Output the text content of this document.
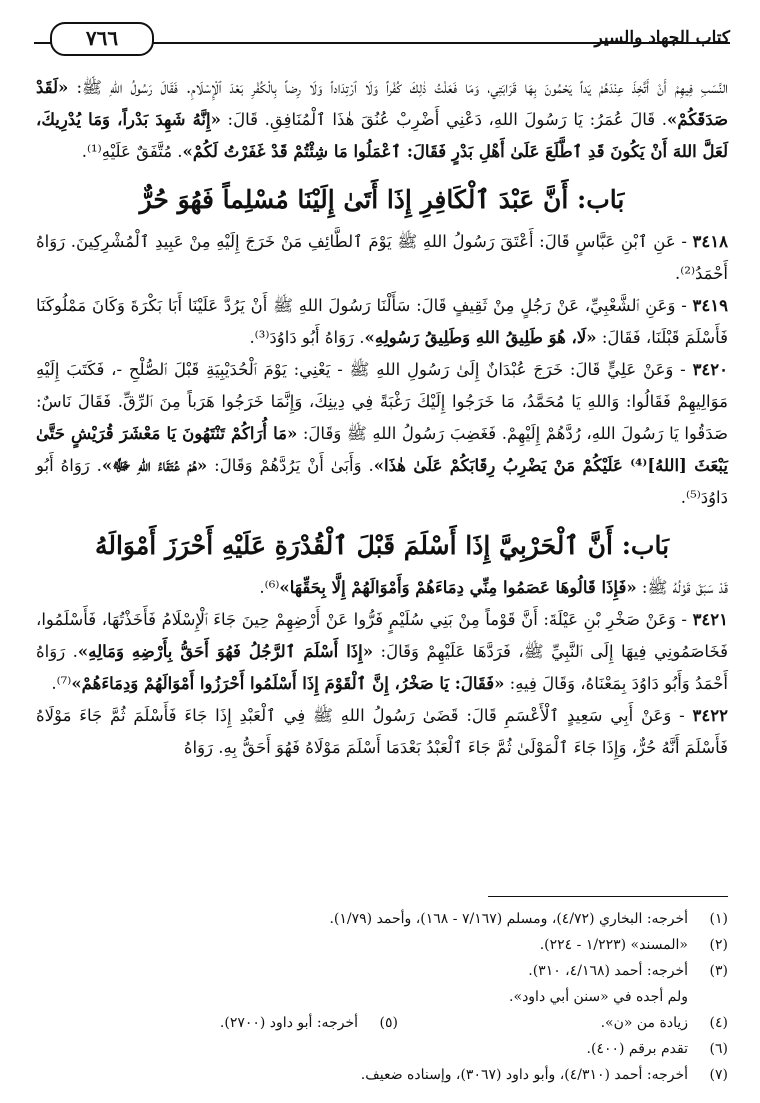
كتاب الجهاد والسير
٧٦٦

النَّسَبِ فِيهِمْ أَنْ أَتَّخِذَ عِنْدَهُمْ يَداً يَحْمُونَ بِهَا قَرَابَتِي، وَمَا فَعَلْتُ ذٰلِكَ كُفْراً وَلَا ٱرْتِدَاداً وَلَا رِضاً بِالْكُفْرِ بَعْدَ ٱلْإِسْلَامِ. فَقَالَ رَسُولُ اللهِ ﷺ: «لَقَدْ صَدَقَكُمْ». قَالَ عُمَرُ: يَا رَسُولَ اللهِ، دَعْنِي أَضْرِبْ عُنُقَ هٰذَا ٱلْمُنَافِقِ. قَالَ: «إِنَّهُ شَهِدَ بَدْراً، وَمَا يُدْرِيكَ، لَعَلَّ اللهَ أَنْ يَكُونَ قَدِ ٱطَّلَعَ عَلَىٰ أَهْلِ بَدْرٍ فَقَالَ: ٱعْمَلُوا مَا شِئْتُمْ قَدْ غَفَرْتُ لَكُمْ». مُتَّفَقٌ عَلَيْهِ⁽¹⁾.

بَاب: أَنَّ عَبْدَ ٱلْكَافِرِ إِذَا أَتَىٰ إِلَيْنَا مُسْلِماً فَهُوَ حُرٌّ

٣٤١٨ - عَنِ ٱبْنِ عَبَّاسٍ قَالَ: أَعْتَقَ رَسُولُ اللهِ ﷺ يَوْمَ ٱلطَّائِفِ مَنْ خَرَجَ إِلَيْهِ مِنْ عَبِيدِ ٱلْمُشْرِكِينَ. رَوَاهُ أَحْمَدُ⁽²⁾.

٣٤١٩ - وَعَنِ ٱلشَّعْبِيِّ، عَنْ رَجُلٍ مِنْ ثَقِيفٍ قَالَ: سَأَلْنَا رَسُولَ اللهِ ﷺ أَنْ يَرُدَّ عَلَيْنَا أَبَا بَكْرَةَ وَكَانَ مَمْلُوكَنَا فَأَسْلَمَ قَبْلَنَا، فَقَالَ: «لَا، هُوَ طَلِيقُ اللهِ وَطَلِيقُ رَسُولِهِ». رَوَاهُ أَبُو دَاوُدَ⁽³⁾.

٣٤٢٠ - وَعَنْ عَلِيٍّ قَالَ: خَرَجَ عُبْدَانٌ إِلَىٰ رَسُولِ اللهِ ﷺ - يَعْنِي: يَوْمَ ٱلْحُدَيْبِيَةِ قَبْلَ ٱلصُّلْحِ -، فَكَتَبَ إِلَيْهِ مَوَالِيهِمْ فَقَالُوا: وَاللهِ يَا مُحَمَّدُ، مَا خَرَجُوا إِلَيْكَ رَغْبَةً فِي دِينِكَ، وَإِنَّمَا خَرَجُوا هَرَباً مِنَ ٱلرِّقِّ. فَقَالَ نَاسٌ: صَدَقُوا يَا رَسُولَ اللهِ، رُدَّهُمْ إِلَيْهِمْ. فَغَضِبَ رَسُولُ اللهِ ﷺ وَقَالَ: «مَا أُرَاكُمْ تَنْتَهُونَ يَا مَعْشَرَ قُرَيْشٍ حَتَّىٰ يَبْعَثَ [اللهُ]⁽⁴⁾ عَلَيْكُمْ مَنْ يَضْرِبُ رِقَابَكُمْ عَلَىٰ هٰذَا». وَأَبَىٰ أَنْ يَرُدَّهُمْ وَقَالَ: «هُمْ عُتَقَاءُ اللهِ ﷻ». رَوَاهُ أَبُو دَاوُدَ⁽⁵⁾.

بَاب: أَنَّ ٱلْحَرْبِيَّ إِذَا أَسْلَمَ قَبْلَ ٱلْقُدْرَةِ عَلَيْهِ أَحْرَزَ أَمْوَالَهُ

قَدْ سَبَقَ قَوْلُهُ ﷺ: «فَإِذَا قَالُوهَا عَصَمُوا مِنِّي دِمَاءَهُمْ وَأَمْوَالَهُمْ إِلَّا بِحَقِّهَا»⁽⁶⁾.

٣٤٢١ - وَعَنْ صَخْرِ بْنِ عَيْلَةَ: أَنَّ قَوْماً مِنْ بَنِي سُلَيْمٍ فَرُّوا عَنْ أَرْضِهِمْ حِينَ جَاءَ ٱلْإِسْلَامُ فَأَخَذْتُهَا، فَأَسْلَمُوا، فَخَاصَمُونِي فِيهَا إِلَى ٱلنَّبِيِّ ﷺ، فَرَدَّهَا عَلَيْهِمْ وَقَالَ: «إِذَا أَسْلَمَ ٱلرَّجُلُ فَهُوَ أَحَقُّ بِأَرْضِهِ وَمَالِهِ». رَوَاهُ أَحْمَدُ وَأَبُو دَاوُدَ بِمَعْنَاهُ، وَقَالَ فِيهِ: «فَقَالَ: يَا صَخْرُ، إِنَّ ٱلْقَوْمَ إِذَا أَسْلَمُوا أَحْرَزُوا أَمْوَالَهُمْ وَدِمَاءَهُمْ»⁽⁷⁾.

٣٤٢٢ - وَعَنْ أَبِي سَعِيدٍ ٱلْأَعْسَمِ قَالَ: قَضَىٰ رَسُولُ اللهِ ﷺ فِي ٱلْعَبْدِ إِذَا جَاءَ فَأَسْلَمَ ثُمَّ جَاءَ مَوْلَاهُ فَأَسْلَمَ أَنَّهُ حُرٌّ، وَإِذَا جَاءَ ٱلْمَوْلَىٰ ثُمَّ جَاءَ ٱلْعَبْدُ بَعْدَمَا أَسْلَمَ مَوْلَاهُ فَهُوَ أَحَقُّ بِهِ. رَوَاهُ

(١)
أخرجه: البخاري (٤/٧٢)، ومسلم (٧/١٦٧ - ١٦٨)، وأحمد (١/٧٩).
(٢)
«المسند» (١/٢٢٣ - ٢٢٤).
(٣)
أخرجه: أحمد (٤/١٦٨، ٣١٠).
ولم أجده في «سنن أبي داود».
(٤)
زيادة من «ن».
(٥)
أخرجه: أبو داود (٢٧٠٠).
(٦)
تقدم برقم (٤٠٠).
(٧)
أخرجه: أحمد (٤/٣١٠)، وأبو داود (٣٠٦٧)، وإسناده ضعيف.
